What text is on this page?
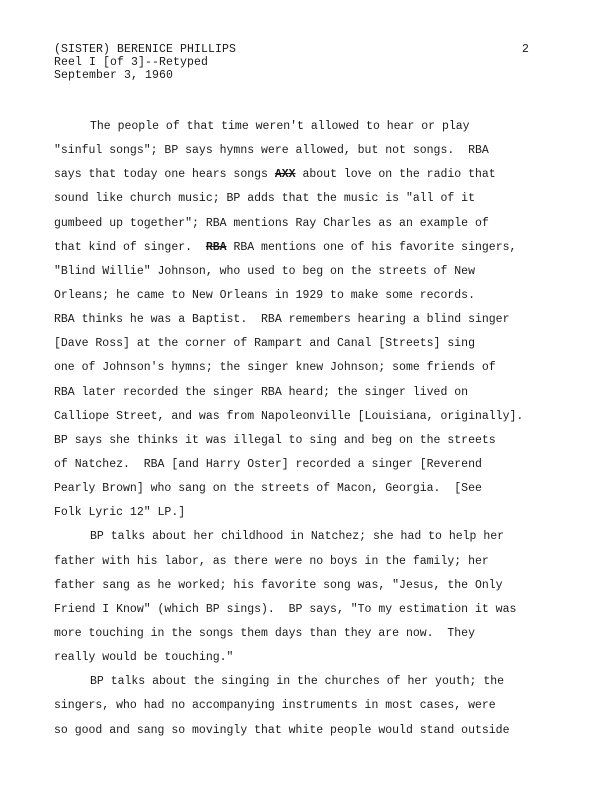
(SISTER) BERENICE PHILLIPS
Reel I [of 3]--Retyped
September 3, 1960
2
The people of that time weren't allowed to hear or play
"sinful songs"; BP says hymns were allowed, but not songs.  RBA
says that today one hears songs AXX about love on the radio that
sound like church music; BP adds that the music is "all of it
gumbeed up together"; RBA mentions Ray Charles as an example of
that kind of singer.  RBA RBA mentions one of his favorite singers,
"Blind Willie" Johnson, who used to beg on the streets of New
Orleans; he came to New Orleans in 1929 to make some records.
RBA thinks he was a Baptist.  RBA remembers hearing a blind singer
[Dave Ross] at the corner of Rampart and Canal [Streets] sing
one of Johnson's hymns; the singer knew Johnson; some friends of
RBA later recorded the singer RBA heard; the singer lived on
Calliope Street, and was from Napoleonville [Louisiana, originally].
BP says she thinks it was illegal to sing and beg on the streets
of Natchez.  RBA [and Harry Oster] recorded a singer [Reverend
Pearly Brown] who sang on the streets of Macon, Georgia.  [See
Folk Lyric 12" LP.]
BP talks about her childhood in Natchez; she had to help her
father with his labor, as there were no boys in the family; her
father sang as he worked; his favorite song was, "Jesus, the Only
Friend I Know" (which BP sings).  BP says, "To my estimation it was
more touching in the songs them days than they are now.  They
really would be touching."
BP talks about the singing in the churches of her youth; the
singers, who had no accompanying instruments in most cases, were
so good and sang so movingly that white people would stand outside
